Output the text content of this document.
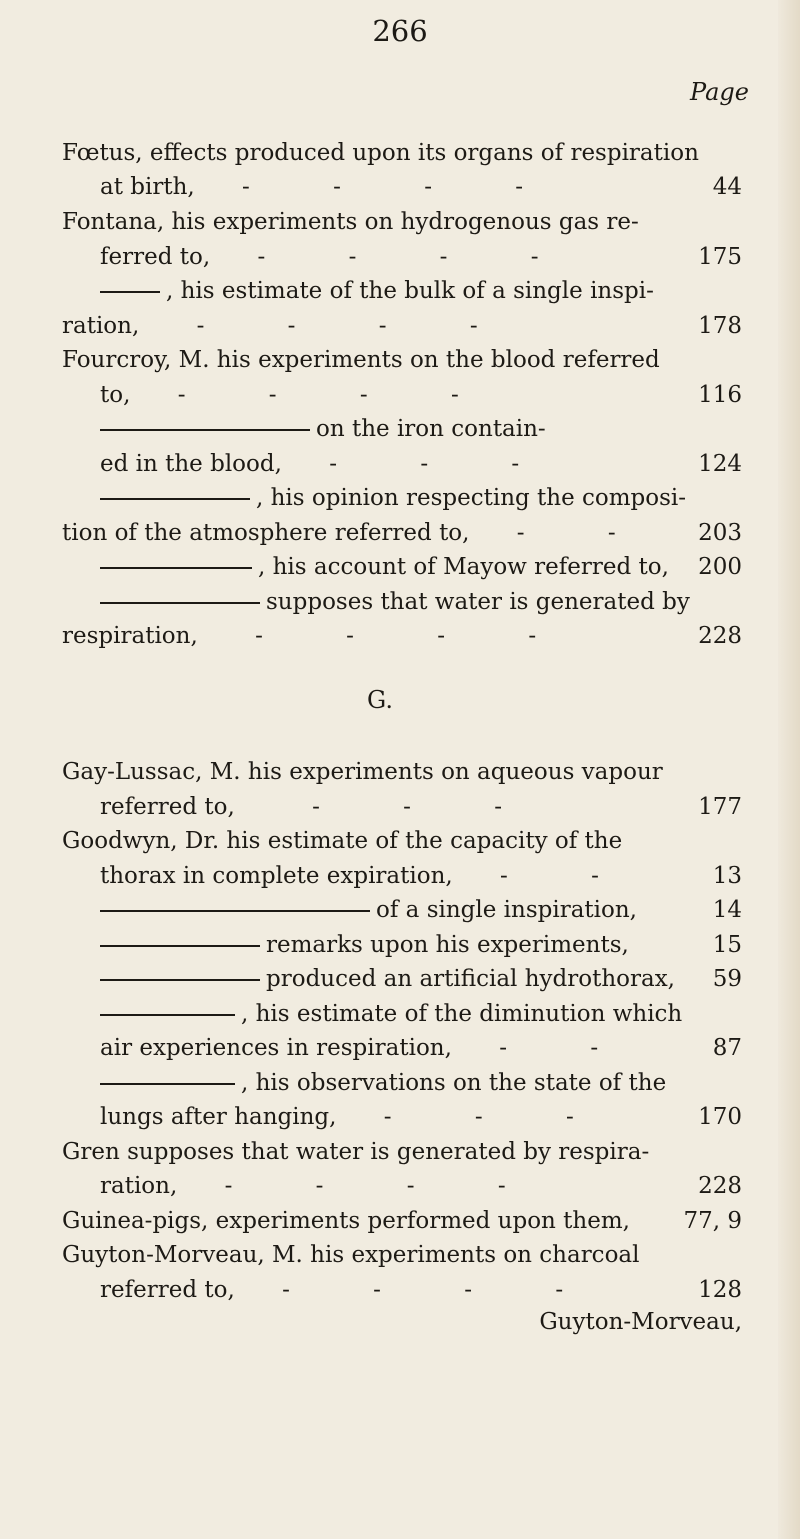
266
Page
Fœtus, effects produced upon its organs of respiration
at birth, - - - -	44
Fontana, his experiments on hydrogenous gas re-
ferred to, - - - -	175
, his estimate of the bulk of a single inspi-
ration, - - - -	178
Fourcroy, M. his experiments on the blood referred
to, - - - -	116
on the iron contain-
ed in the blood, - - -	124
, his opinion respecting the composi-
tion of the atmosphere referred to, - - 203
, his account of Mayow referred to, 200
supposes that water is generated by
respiration, - - - -	228
G.
Gay-Lussac, M. his experiments on aqueous vapour
referred to,	- - -	177
Goodwyn, Dr. his estimate of the capacity of the
thorax in complete expiration, - -	13
of a single inspiration,	14
remarks upon his experiments,	15
produced an artificial hydrothorax, 59
, his estimate of the diminution which
air experiences in respiration, - -	87
, his observations on the state of the
lungs after hanging, - - -	170
Gren supposes that water is generated by respira-
ration, - - - -	228
Guinea-pigs, experiments performed upon them, 77, 9
Guyton-Morveau, M. his experiments on charcoal
referred to, - - - -	128
Guyton-Morveau,
